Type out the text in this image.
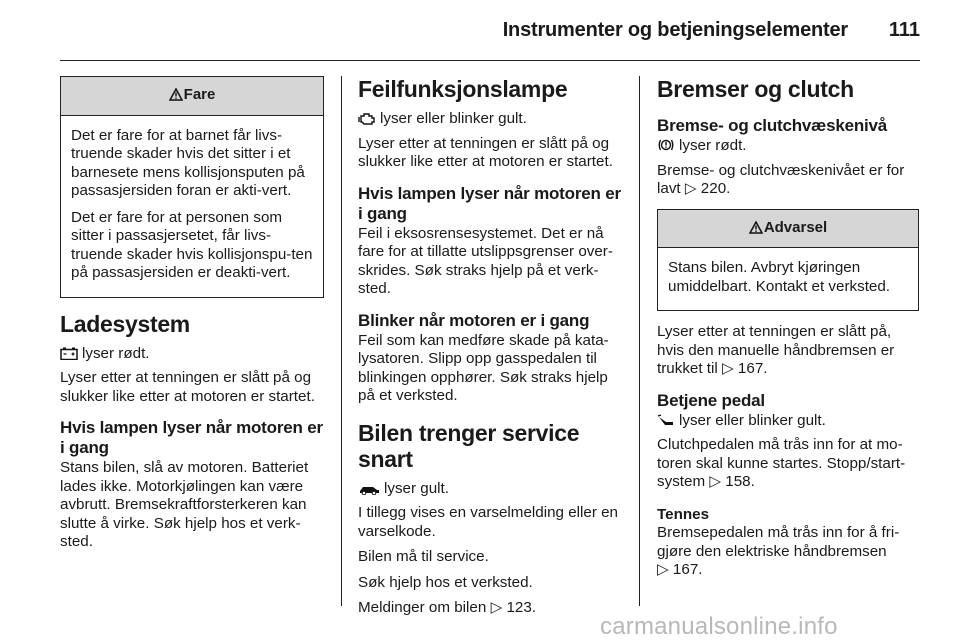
Instrumenter og betjeningselementer 111
Fare

Det er fare for at barnet får livs-truende skader hvis det sitter i et barnesete mens kollisjonsputen på passasjersiden foran er akti-vert.

Det er fare for at personen som sitter i passasjersetet, får livs-truende skader hvis kollisjonspu-ten på passasjersiden er deakti-vert.

Ladesystem

lyser rødt.

Lyser etter at tenningen er slått på og slukker like etter at motoren er startet.

Hvis lampen lyser når motoren er i gang

Stans bilen, slå av motoren. Batteriet lades ikke. Motorkjølingen kan være avbrutt. Bremsekraftforsterkeren kan slutte å virke. Søk hjelp hos et verk-sted.

Feilfunksjonslampe

lyser eller blinker gult.

Lyser etter at tenningen er slått på og slukker like etter at motoren er startet.

Hvis lampen lyser når motoren er i gang

Feil i eksosrensesystemet. Det er nå fare for at tillatte utslippsgrenser over-skrides. Søk straks hjelp på et verk-sted.

Blinker når motoren er i gang

Feil som kan medføre skade på kata-lysatoren. Slipp opp gasspedalen til blinkingen opphører. Søk straks hjelp på et verksted.

Bilen trenger service snart

lyser gult.

I tillegg vises en varselmelding eller en varselkode.

Bilen må til service.

Søk hjelp hos et verksted.

Meldinger om bilen ▷ 123.

Bremser og clutch
Bremse- og clutchvæskenivå

lyser rødt.

Bremse- og clutchvæskenivået er for lavt ▷ 220.

Advarsel

Stans bilen. Avbryt kjøringen umiddelbart. Kontakt et verksted.

Lyser etter at tenningen er slått på, hvis den manuelle håndbremsen er trukket til ▷ 167.

Betjene pedal

lyser eller blinker gult.

Clutchpedalen må trås inn for at mo-toren skal kunne startes. Stopp/start-system ▷ 158.

Tennes

Bremsepedalen må trås inn for å fri-gjøre den elektriske håndbremsen
▷ 167.

carmanualsonline.info
